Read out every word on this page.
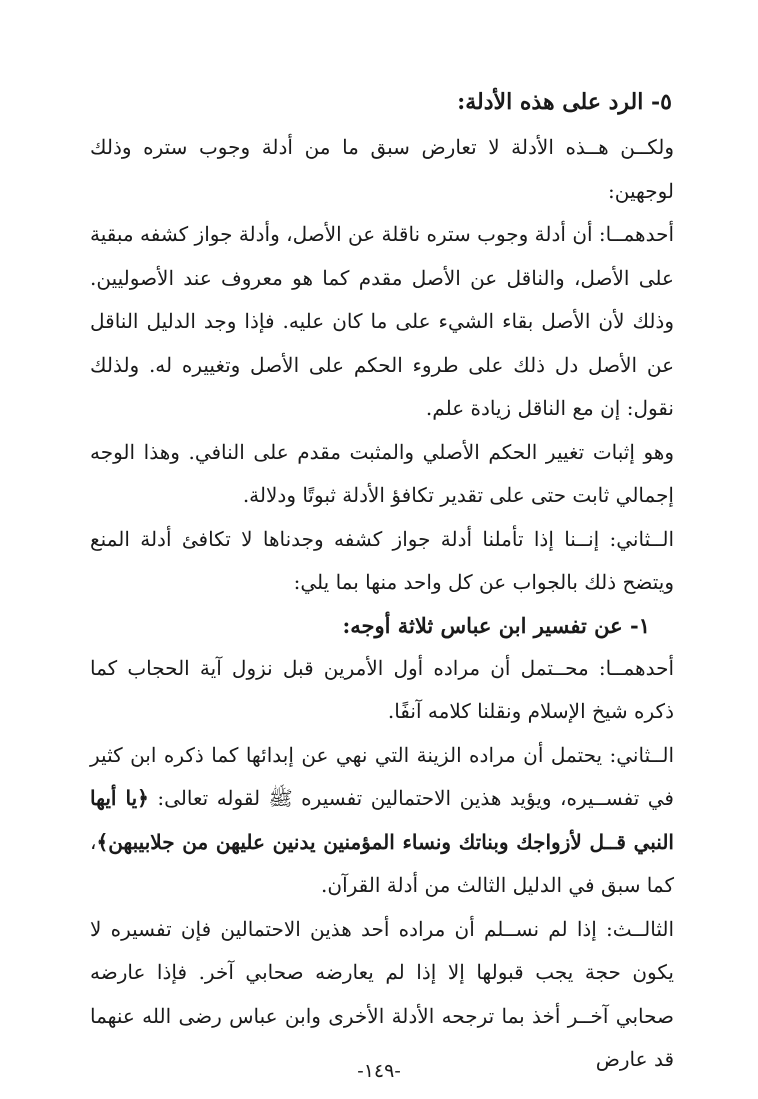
٥- الرد على هذه الأدلة:

ولكــن هــذه الأدلة لا تعارض سبق ما من أدلة وجوب ستره وذلك لوجهين:

أحدهمــا: أن أدلة وجوب ستره ناقلة عن الأصل، وأدلة جواز كشفه مبقية على الأصل، والناقل عن الأصل مقدم كما هو معروف عند الأصوليين. وذلك لأن الأصل بقاء الشيء على ما كان عليه. فإذا وجد الدليل الناقل عن الأصل دل ذلك على طروء الحكم على الأصل وتغييره له. ولذلك نقول: إن مع الناقل زيادة علم.

وهو إثبات تغيير الحكم الأصلي والمثبت مقدم على النافي. وهذا الوجه إجمالي ثابت حتى على تقدير تكافؤ الأدلة ثبوتًا ودلالة.

الــثاني: إنــنا إذا تأملنا أدلة جواز كشفه وجدناها لا تكافئ أدلة المنع ويتضح ذلك بالجواب عن كل واحد منها بما يلي:

١- عن تفسير ابن عباس ثلاثة أوجه:

أحدهمــا: محــتمل أن مراده أول الأمرين قبل نزول آية الحجاب كما ذكره شيخ الإسلام ونقلنا كلامه آنفًا.

الــثاني: يحتمل أن مراده الزينة التي نهي عن إبدائها كما ذكره ابن كثير في تفســيره، ويؤيد هذين الاحتمالين تفسيره ﷺ لقوله تعالى: ﴿يا أيها النبي قــل لأزواجك وبناتك ونساء المؤمنين يدنين عليهن من جلابيبهن﴾، كما سبق في الدليل الثالث من أدلة القرآن.

الثالــث: إذا لم نســلم أن مراده أحد هذين الاحتمالين فإن تفسيره لا يكون حجة يجب قبولها إلا إذا لم يعارضه صحابي آخر. فإذا عارضه صحابي آخــر أخذ بما ترجحه الأدلة الأخرى وابن عباس رضى الله عنهما قد عارض

-١٤٩-
